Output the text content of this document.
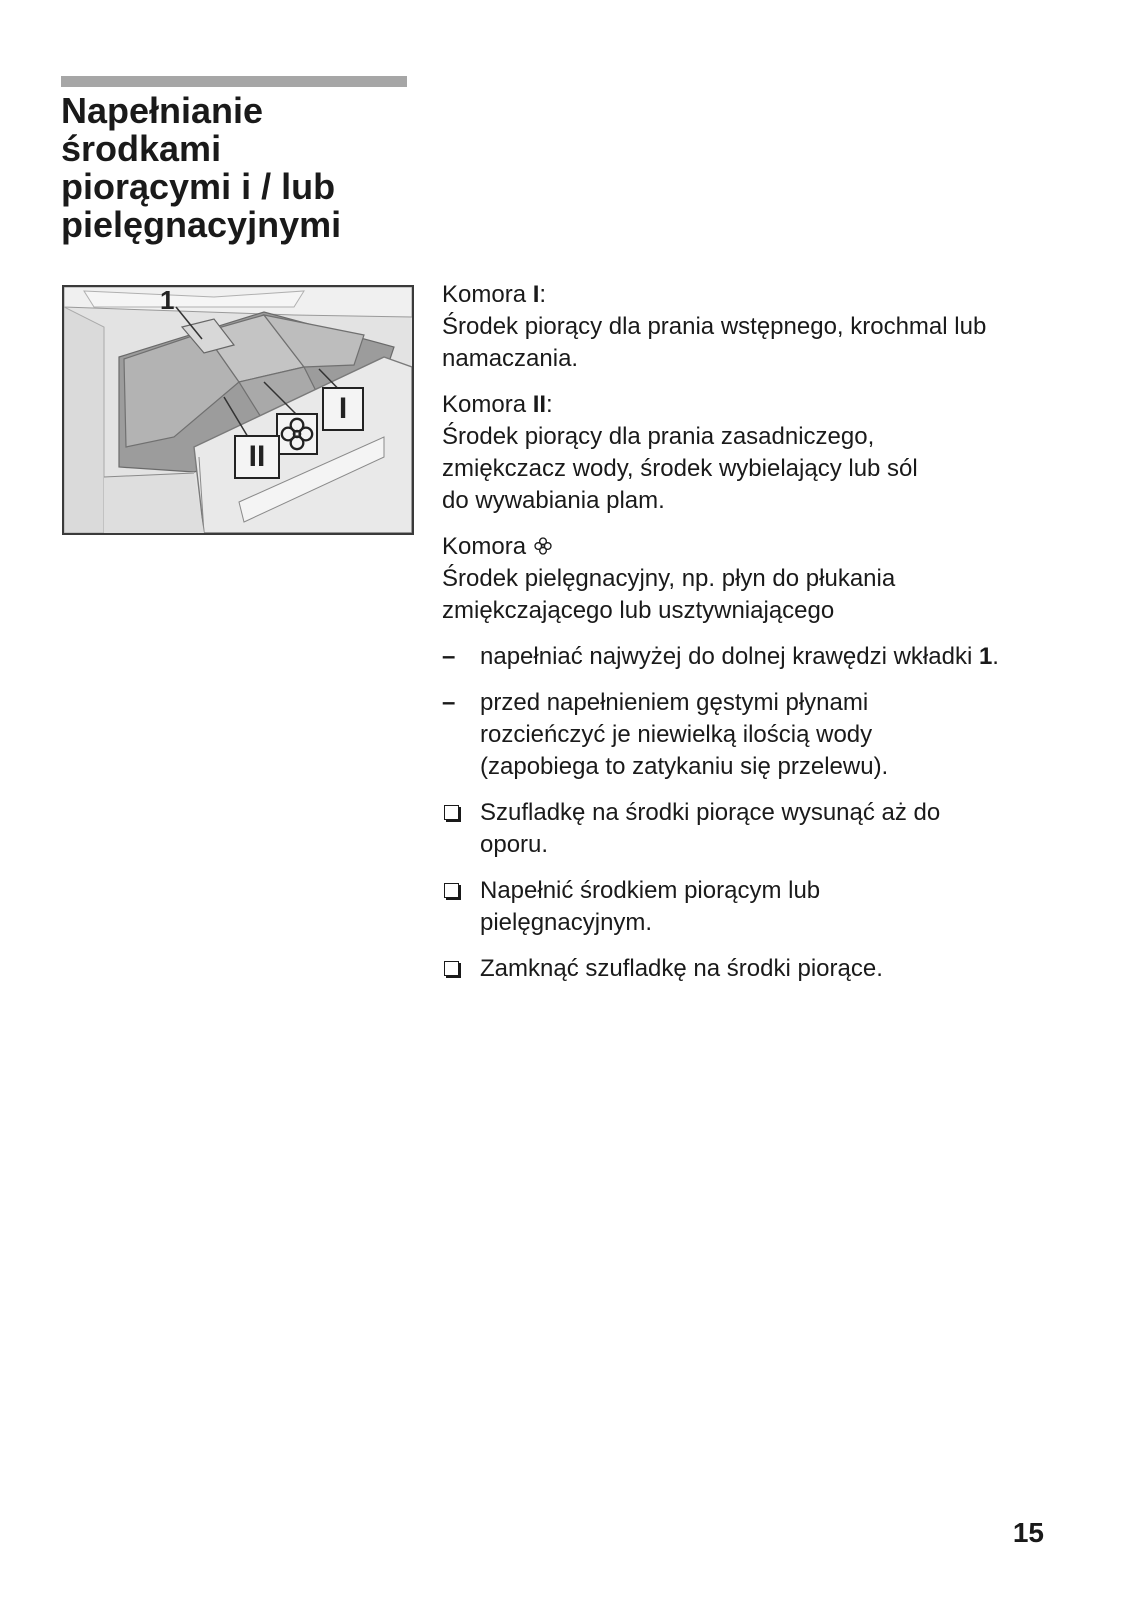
Napełnianie
środkami
piorącymi i / lub
pielęgnacyjnymi
1
I
II
Komora I:
Środek piorący dla prania wstępnego, krochmal lub
namaczania.
Komora II:
Środek piorący dla prania zasadniczego,
zmiękczacz wody, środek wybielający lub sól
do wywabiania plam.
Komora
Środek pielęgnacyjny, np. płyn do płukania
zmiękczającego lub usztywniającego
–	napełniać najwyżej do dolnej krawędzi wkładki 1.
–	przed napełnieniem gęstymi płynami
rozcieńczyć je niewielką ilością wody
(zapobiega to zatykaniu się przelewu).
Szufladkę na środki piorące wysunąć aż do
oporu.
Napełnić środkiem piorącym lub
pielęgnacyjnym.
Zamknąć szufladkę na środki piorące.
15
